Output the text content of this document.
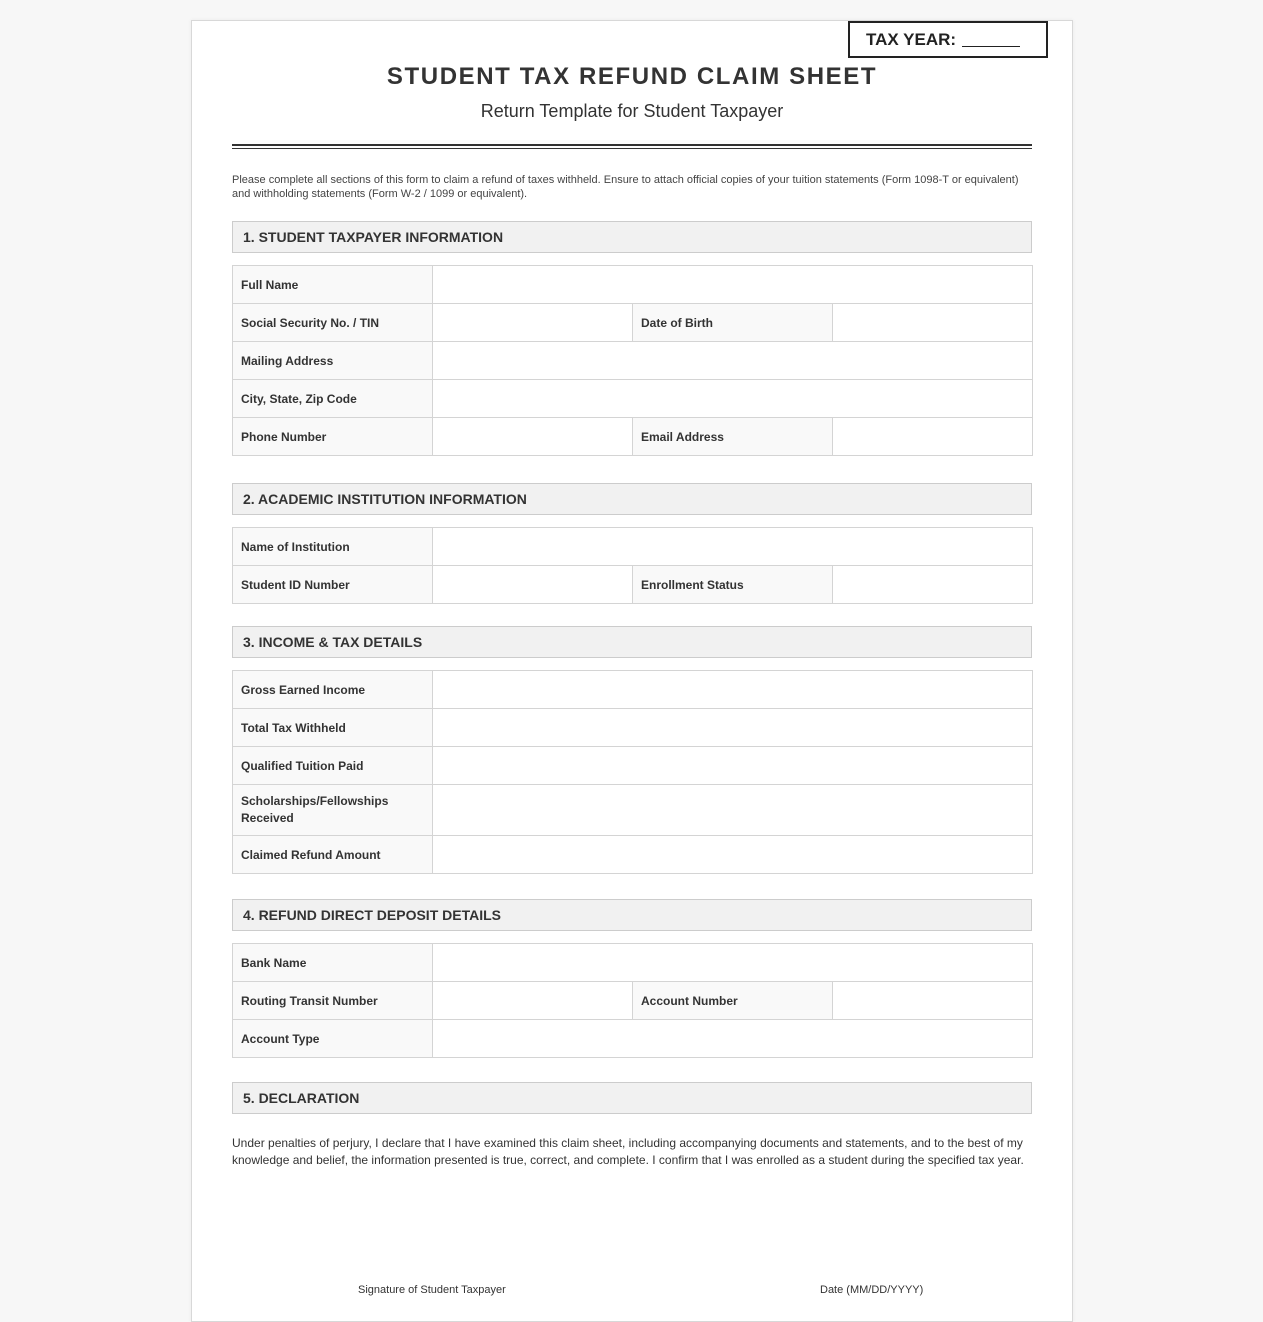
TAX YEAR:
STUDENT TAX REFUND CLAIM SHEET
Return Template for Student Taxpayer
Please complete all sections of this form to claim a refund of taxes withheld. Ensure to attach official copies of your tuition statements (Form 1098-T or equivalent) and withholding statements (Form W-2 / 1099 or equivalent).
1. STUDENT TAXPAYER INFORMATION
Full Name			
Social Security No. / TIN		Date of Birth	
Mailing Address			
City, State, Zip Code			
Phone Number		Email Address	
2. ACADEMIC INSTITUTION INFORMATION
Name of Institution			
Student ID Number		Enrollment Status	
3. INCOME & TAX DETAILS
Gross Earned Income	
Total Tax Withheld	
Qualified Tuition Paid	
Scholarships/Fellowships Received	
Claimed Refund Amount	
4. REFUND DIRECT DEPOSIT DETAILS
Bank Name			
Routing Transit Number		Account Number	
Account Type			
5. DECLARATION
Under penalties of perjury, I declare that I have examined this claim sheet, including accompanying documents and statements, and to the best of my knowledge and belief, the information presented is true, correct, and complete. I confirm that I was enrolled as a student during the specified tax year.
Signature of Student Taxpayer	Date (MM/DD/YYYY)
